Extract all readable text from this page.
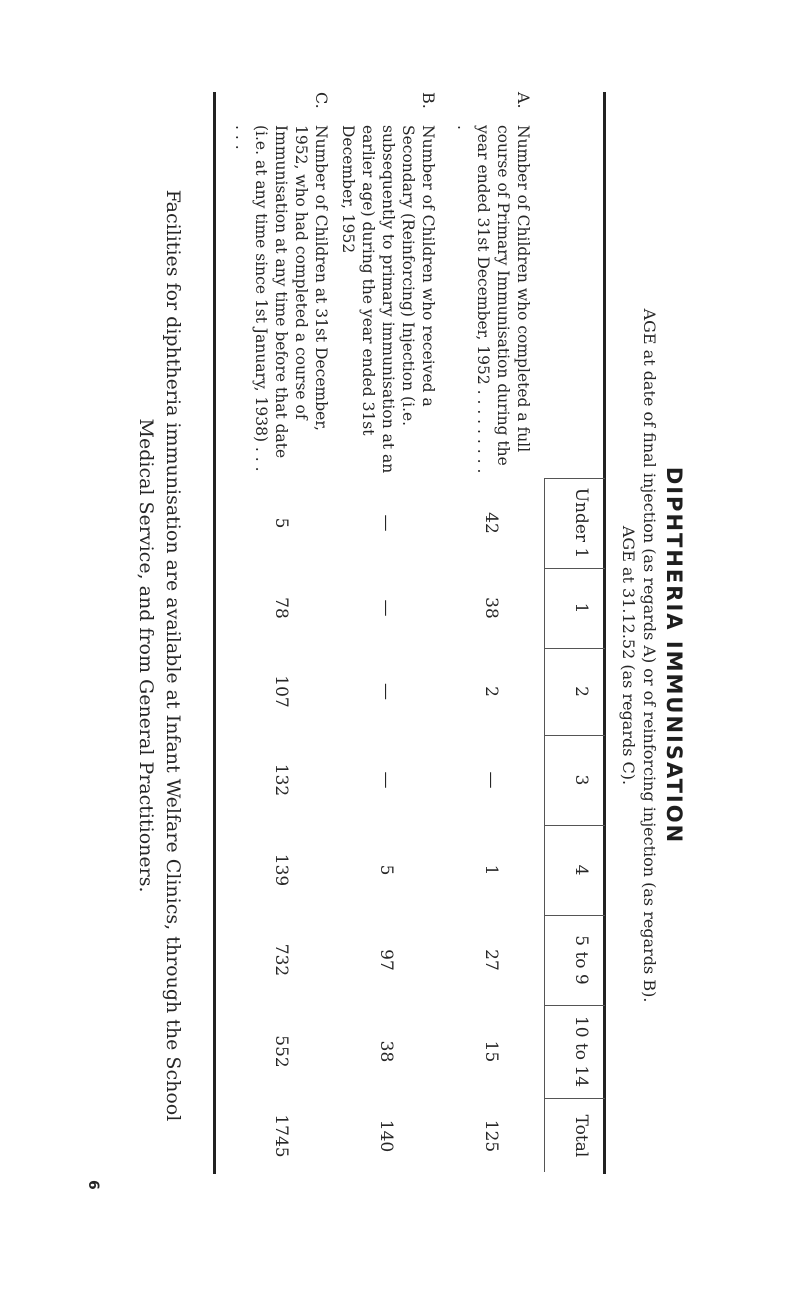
DIPHTHERIA IMMUNISATION
AGE at date of final injection (as regards A) or of reinforcing injection (as regards B).
AGE at 31.12.52 (as regards C).
Under 1
1
2
3
4
5 to 9
10 to 14
Total
A.
Number of Children who completed a full course of Primary Immunisation during the year ended 31st December, 1952 . . . . . . . . . .
42
38
2
—
1
27
15
125
B.
Number of Children who received a Secondary (Reinforcing) Injection (i.e. subsequently to primary immunisation at an earlier age) during the year ended 31st December, 1952
—
—
—
—
5
97
38
140
C.
Number of Children at 31st December, 1952, who had completed a course of Immunisation at any time before that date (i.e. at any time since 1st January, 1938) . . . . . .
5
78
107
132
139
732
552
1745
Facilities for diphtheria immunisation are available at Infant Welfare Clinics, through the School
Medical Service, and from General Practitioners.
6
